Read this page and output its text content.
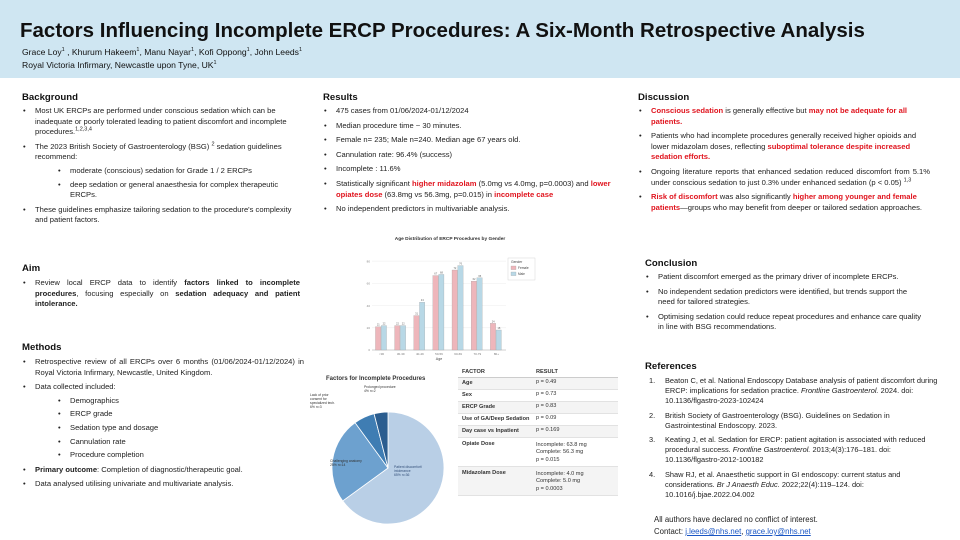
Factors Influencing Incomplete ERCP Procedures: A Six-Month Retrospective Analysis
Grace Loy$^1$ , Khurum Hakeem$^1$, Manu Nayar$^1$, Kofi Oppong$^1$, John Leeds$^1$
Royal Victoria Infirmary, Newcastle upon Tyne, $UK^1$
Background
• Most UK ERCPs are performed under conscious sedation which can be inadequate or poorly tolerated leading to patient discomfort and incomplete procedures.$^{1,2,3,4}$
• The 2023 British Society of Gastroenterology (BSG) $^2$ sedation guidelines recommend:
• moderate (conscious) sedation for Grade 1 / 2 ERCPs
• deep sedation or general anaesthesia for complex therapeutic ERCPs.
• These guidelines emphasize tailoring sedation to the procedure's complexity and patient factors.
Aim
• Review local ERCP data to identify factors linked to incomplete procedures, focusing especially on sedation adequacy and patient intolerance.
Methods
• Retrospective review of all ERCPs over 6 months (01/06/2024-01/12/2024) in Royal Victoria Infirmary, Newcastle, United Kingdom.
• Data collected included:
• Demographics
• ERCP grade
• Sedation type and dosage
• Cannulation rate
• Procedure completion
• Primary outcome: Completion of diagnostic/therapeutic goal.
• Data analysed utilising univariate and multivariate analysis.
Results
• 475 cases from 01/06/2024-01/12/2024
• Median procedure time ~ 30 minutes.
• Female n= 235; Male n=240. Median age 67 years old.
• Cannulation rate: 96.4% (success)
• Incomplete : 11.6%
• Statistically significant higher midazolam (5.0mg vs 4.0mg, p=0.0003) and lower opiates dose (63.8mg vs 56.3mg, p=0.015) in incomplete case
• No independent predictors in multivariable analysis.
Age Distribution of ERCP Procedures by Gender
0
20
40
60
80
21 22
<30
22 22
30-39
31
43
40-49
67 68
50-59
72
76
60-69
62
65
70-79
24
18
80+
Age
Gender
Female
Male
Factors for Incomplete Procedures
Patient discomfort/ intolerance 65% n=36
Challenging anatomy 25% n=14
Lack of prior consent for specialized tech. 6% n=3
Prolonged procedure 4% n=2
FACTOR	RESULT
Age	p = 0.49

Sex	p = 0.73

ERCP Grade	p = 0.83

Use of GA/Deep Sedation	p = 0.09

Day case vs Inpatient	p = 0.169

Opiate Dose	Incomplete: 63.8 mg
Complete: 56.3 mg
p = 0.015

Midazolam Dose	Incomplete: 4.0 mg
Complete: 5.0 mg
p = 0.0003
Discussion
• Conscious sedation is generally effective but may not be adequate for all patients.
• Patients who had incomplete procedures generally received higher opioids and lower midazolam doses, reflecting suboptimal tolerance despite increased sedation efforts.
• Ongoing literature reports that enhanced sedation reduced discomfort from 5.1% under conscious sedation to just 0.3% under enhanced sedation (p < 0.05) $^{1,3}$
• Risk of discomfort was also significantly higher among younger and female patients—groups who may benefit from deeper or tailored sedation approaches.
Conclusion
• Patient discomfort emerged as the primary driver of incomplete ERCPs.
• No independent sedation predictors were identified, but trends support the need for tailored strategies.
• Optimising sedation could reduce repeat procedures and enhance care quality in line with BSG recommendations.
References
1. Beaton C, et al. National Endoscopy Database analysis of patient discomfort during ERCP: implications for sedation practice. Frontline Gastroenterol. 2024. doi: 10.1136/flgastro-2023-102424
2. British Society of Gastroenterology (BSG). Guidelines on Sedation in Gastrointestinal Endoscopy. 2023.
3. Keating J, et al. Sedation for ERCP: patient agitation is associated with reduced procedural success. Frontline Gastroenterol. 2013;4(3):176–181. doi: 10.1136/flgastro-2012-100182
4. Shaw RJ, et al. Anaesthetic support in GI endoscopy: current status and considerations. Br J Anaesth Educ. 2022;22(4):119–124. doi: 10.1016/j.bjae.2022.04.002
All authors have declared no conflict of interest.
Contact: j.leeds@nhs.net, grace.loy@nhs.net
